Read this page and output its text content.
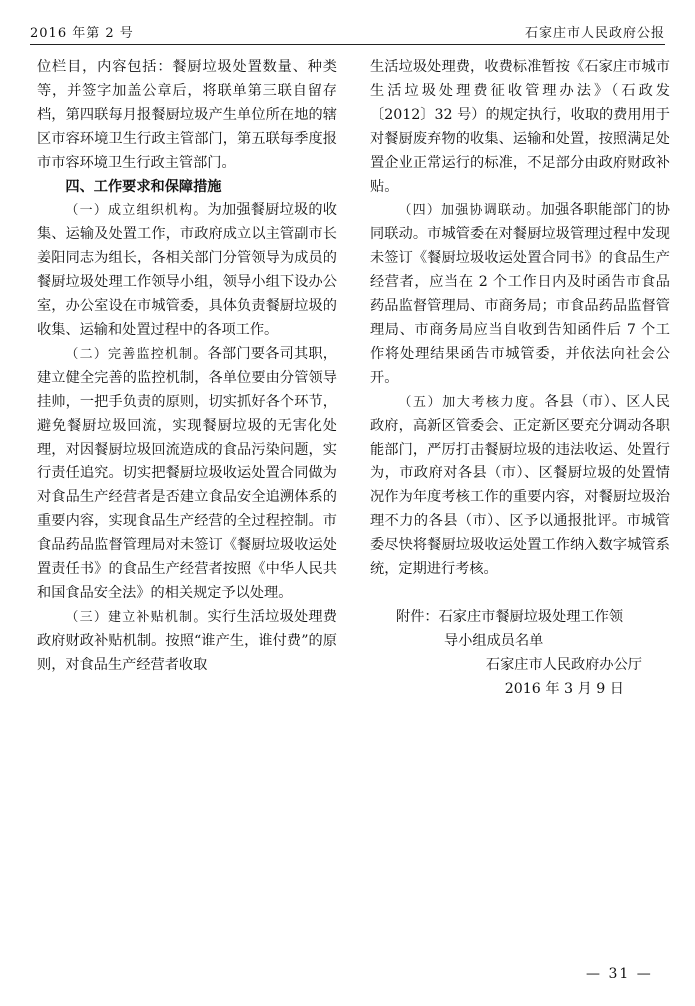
2016 年第 2 号	石家庄市人民政府公报

位栏目，内容包括：餐厨垃圾处置数量、种类等，并签字加盖公章后，将联单第三联自留存档，第四联每月报餐厨垃圾产生单位所在地的辖区市容环境卫生行政主管部门，第五联每季度报市市容环境卫生行政主管部门。

四、工作要求和保障措施

（一）成立组织机构。为加强餐厨垃圾的收集、运输及处置工作，市政府成立以主管副市长姜阳同志为组长，各相关部门分管领导为成员的餐厨垃圾处理工作领导小组，领导小组下设办公室，办公室设在市城管委，具体负责餐厨垃圾的收集、运输和处置过程中的各项工作。

（二）完善监控机制。各部门要各司其职，建立健全完善的监控机制，各单位要由分管领导挂帅，一把手负责的原则，切实抓好各个环节，避免餐厨垃圾回流，实现餐厨垃圾的无害化处理，对因餐厨垃圾回流造成的食品污染问题，实行责任追究。切实把餐厨垃圾收运处置合同做为对食品生产经营者是否建立食品安全追溯体系的重要内容，实现食品生产经营的全过程控制。市食品药品监督管理局对未签订《餐厨垃圾收运处置责任书》的食品生产经营者按照《中华人民共和国食品安全法》的相关规定予以处理。

（三）建立补贴机制。实行生活垃圾处理费政府财政补贴机制。按照“谁产生，谁付费”的原则，对食品生产经营者收取

生活垃圾处理费，收费标准暂按《石家庄市城市生活垃圾处理费征收管理办法》（石政发〔2012〕32 号）的规定执行，收取的费用用于对餐厨废弃物的收集、运输和处置，按照满足处置企业正常运行的标准，不足部分由政府财政补贴。

（四）加强协调联动。加强各职能部门的协同联动。市城管委在对餐厨垃圾管理过程中发现未签订《餐厨垃圾收运处置合同书》的食品生产经营者，应当在 2 个工作日内及时函告市食品药品监督管理局、市商务局；市食品药品监督管理局、市商务局应当自收到告知函件后 7 个工作将处理结果函告市城管委，并依法向社会公开。

（五）加大考核力度。各县（市）、区人民政府，高新区管委会、正定新区要充分调动各职能部门，严厉打击餐厨垃圾的违法收运、处置行为，市政府对各县（市）、区餐厨垃圾的处置情况作为年度考核工作的重要内容，对餐厨垃圾治理不力的各县（市）、区予以通报批评。市城管委尽快将餐厨垃圾收运处置工作纳入数字城管系统，定期进行考核。

附件：石家庄市餐厨垃圾处理工作领
导小组成员名单

石家庄市人民政府办公厅

2016 年 3 月 9 日

— 31 —
